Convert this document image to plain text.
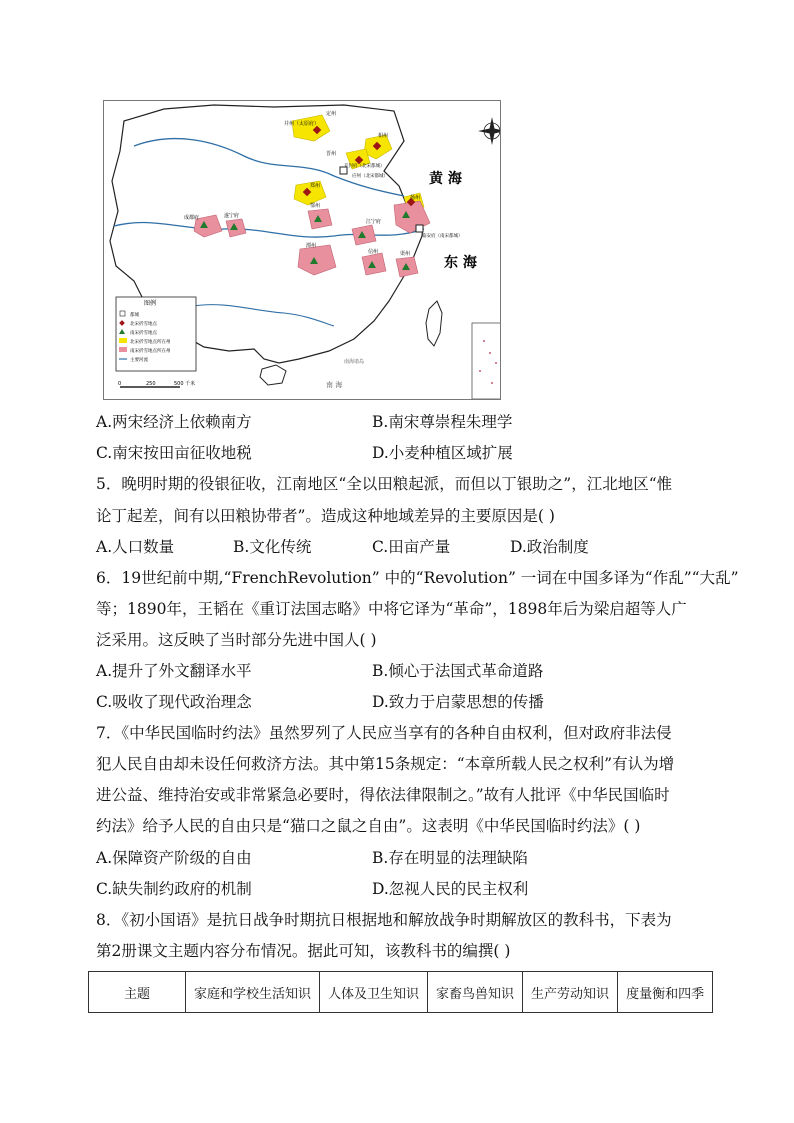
并州（太原府）
定州
相州
晋州
开封府（北宋都城）
应州（北宋都城）
郑州
成都府	遂宁府
鄂州
江宁府
扬州
临安府（南宋都城）
潭州
信州	渠州
黄 海
东 海
南 海
南海诸岛
图例
都城
北宋折雪地点
南宋折雪地点
北宋折雪地点所在州
南宋折雪地点所在州
主要河流
0	250	500 千米
A.两宋经济上依赖南方	B.南宋尊崇程朱理学
C.南宋按田亩征收地税	D.小麦种植区域扩展
5．晚明时期的役银征收，江南地区“全以田粮起派，而但以丁银助之”，江北地区“惟
论丁起差，间有以田粮协带者”。造成这种地域差异的主要原因是( )
A.人口数量	B.文化传统	C.田亩产量	D.政治制度
6．19世纪前中期,“FrenchRevolution” 中的“Revolution” 一词在中国多译为“作乱”“大乱”
等；1890年，王韬在《重订法国志略》中将它译为“革命”，1898年后为梁启超等人广
泛采用。这反映了当时部分先进中国人( )
A.提升了外文翻译水平	B.倾心于法国式革命道路
C.吸收了现代政治理念	D.致力于启蒙思想的传播
7．《中华民国临时约法》虽然罗列了人民应当享有的各种自由权利，但对政府非法侵
犯人民自由却未设任何救济方法。其中第15条规定：“本章所载人民之权利”有认为增
进公益、维持治安或非常紧急必要时，得依法律限制之。”故有人批评《中华民国临时
约法》给予人民的自由只是“猫口之鼠之自由”。这表明《中华民国临时约法》( )
A.保障资产阶级的自由	B.存在明显的法理缺陷
C.缺失制约政府的机制	D.忽视人民的民主权利
8．《初小国语》是抗日战争时期抗日根据地和解放战争时期解放区的教科书，下表为
第2册课文主题内容分布情况。据此可知，该教科书的编撰( )
主题	家庭和学校生活知识	人体及卫生知识	家畜鸟兽知识	生产劳动知识	度量衡和四季
